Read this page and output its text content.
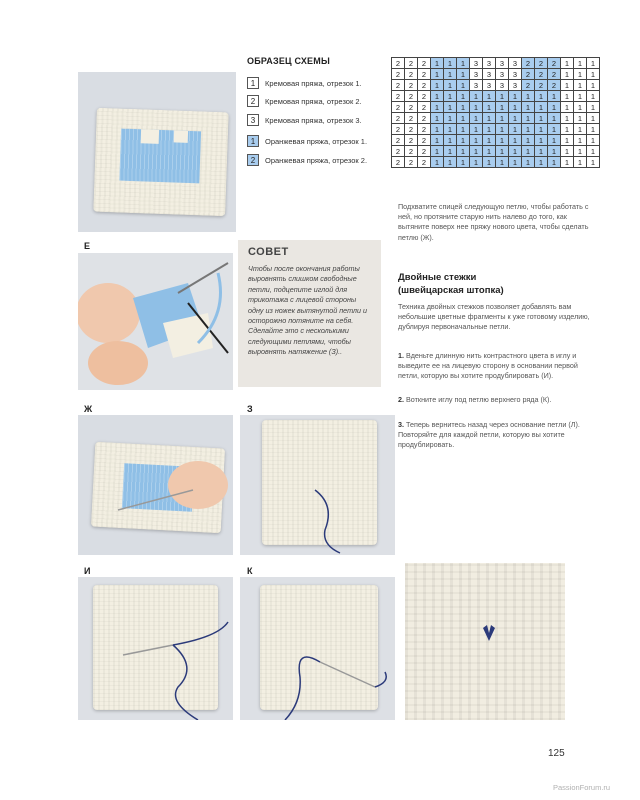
ОБРАЗЕЦ СХЕМЫ
1	Кремовая пряжа, отрезок 1.
2	Кремовая пряжа, отрезок 2.
3	Кремовая пряжа, отрезок 3.
1	Оранжевая пряжа, отрезок 1.
2	Оранжевая пряжа, отрезок 2.
2	2	2	1	1	1	3	3	3	3	2	2	2	1	1	1
2	2	2	1	1	1	3	3	3	3	2	2	2	1	1	1
2	2	2	1	1	1	3	3	3	3	2	2	2	1	1	1
2	2	2	1	1	1	1	1	1	1	1	1	1	1	1	1
2	2	2	1	1	1	1	1	1	1	1	1	1	1	1	1
2	2	2	1	1	1	1	1	1	1	1	1	1	1	1	1
2	2	2	1	1	1	1	1	1	1	1	1	1	1	1	1
2	2	2	1	1	1	1	1	1	1	1	1	1	1	1	1
2	2	2	1	1	1	1	1	1	1	1	1	1	1	1	1
2	2	2	1	1	1	1	1	1	1	1	1	1	1	1	1
Подхватите спицей следующую петлю, чтобы работать с ней, но протяните старую нить налево до того, как вытяните поверх нее пряжу нового цвета, чтобы сделать петлю (Ж).
Двойные стежки
(швейцарская штопка)
Техника двойных стежков позволяет добавлять вам небольшие цветные фрагменты к уже готовому изделию, дублируя первоначальные петли.
1. Вденьте длинную нить контрастного цвета в иглу и выведите ее на лицевую сторону в основании первой петли, которую вы хотите продублировать (И).
2. Воткните иглу под петлю верхнего ряда (К).
3. Теперь вернитесь назад через основание петли (Л). Повторяйте для каждой петли, которую вы хотите продублировать.
Е	СОВЕТ
Чтобы после окончания работы выровнять слишком свободные петли, подцепите иглой для трикотажа с лицевой стороны одну из ножек вытянутой петли и осторожно потяните на себя. Сделайте это с несколькими следующими петлями, чтобы выровнять натяжение (З)..
Ж	З
И	К
125
PassionForum.ru
